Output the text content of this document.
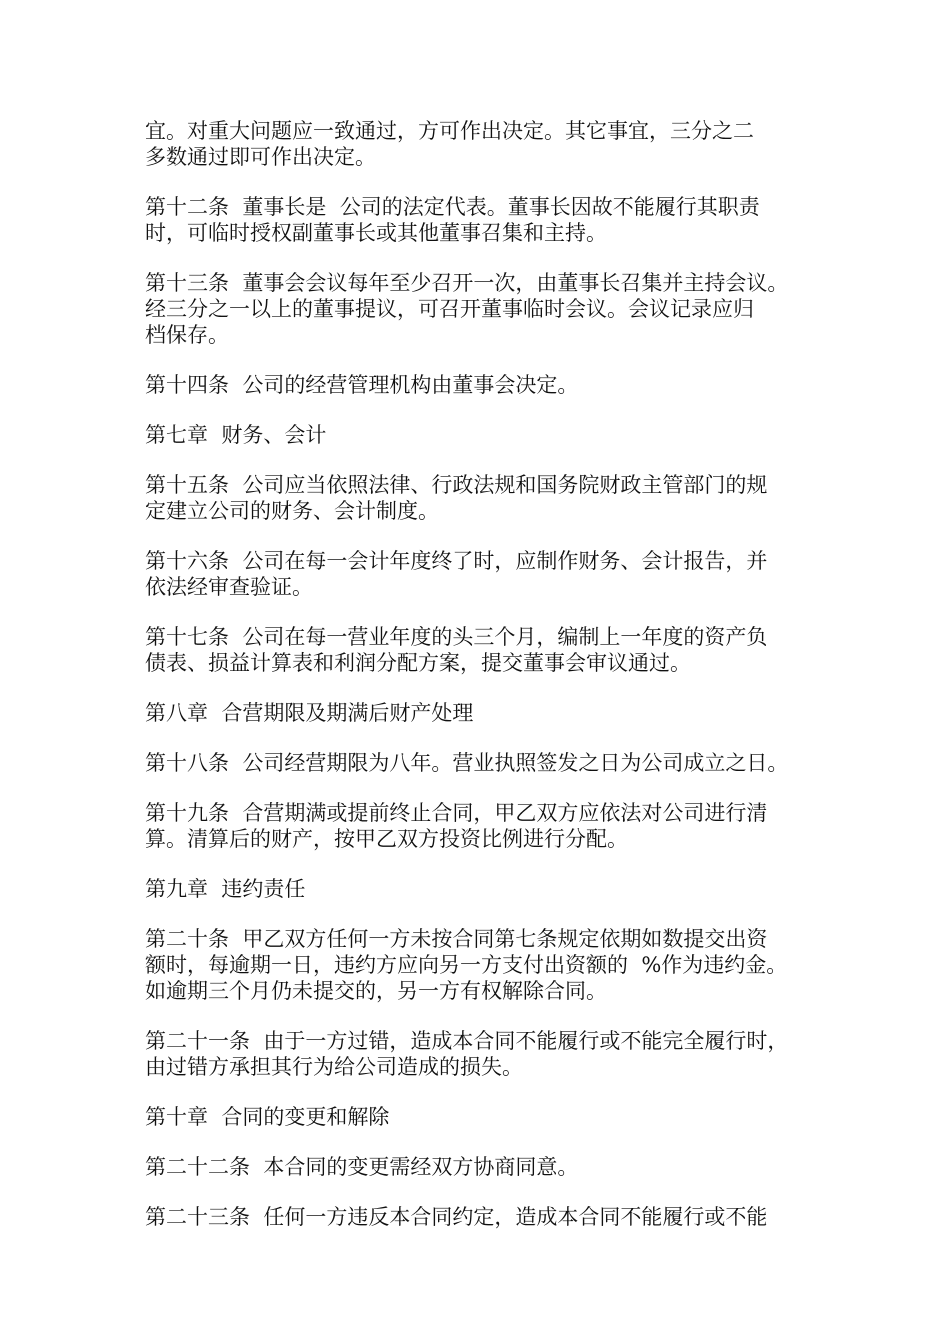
宜。对重大问题应一致通过，方可作出决定。其它事宜，三分之二
多数通过即可作出决定。

第十二条  董事长是  公司的法定代表。董事长因故不能履行其职责
时，可临时授权副董事长或其他董事召集和主持。

第十三条  董事会会议每年至少召开一次，由董事长召集并主持会议。
经三分之一以上的董事提议，可召开董事临时会议。会议记录应归
档保存。

第十四条  公司的经营管理机构由董事会决定。

第七章  财务、会计

第十五条  公司应当依照法律、行政法规和国务院财政主管部门的规
定建立公司的财务、会计制度。

第十六条  公司在每一会计年度终了时，应制作财务、会计报告，并
依法经审查验证。

第十七条  公司在每一营业年度的头三个月，编制上一年度的资产负
债表、损益计算表和利润分配方案，提交董事会审议通过。

第八章  合营期限及期满后财产处理

第十八条  公司经营期限为八年。营业执照签发之日为公司成立之日。

第十九条  合营期满或提前终止合同，甲乙双方应依法对公司进行清
算。清算后的财产，按甲乙双方投资比例进行分配。

第九章  违约责任

第二十条  甲乙双方任何一方未按合同第七条规定依期如数提交出资
额时，每逾期一日，违约方应向另一方支付出资额的  %作为违约金。
如逾期三个月仍未提交的，另一方有权解除合同。

第二十一条  由于一方过错，造成本合同不能履行或不能完全履行时，
由过错方承担其行为给公司造成的损失。

第十章  合同的变更和解除

第二十二条  本合同的变更需经双方协商同意。

第二十三条  任何一方违反本合同约定，造成本合同不能履行或不能
